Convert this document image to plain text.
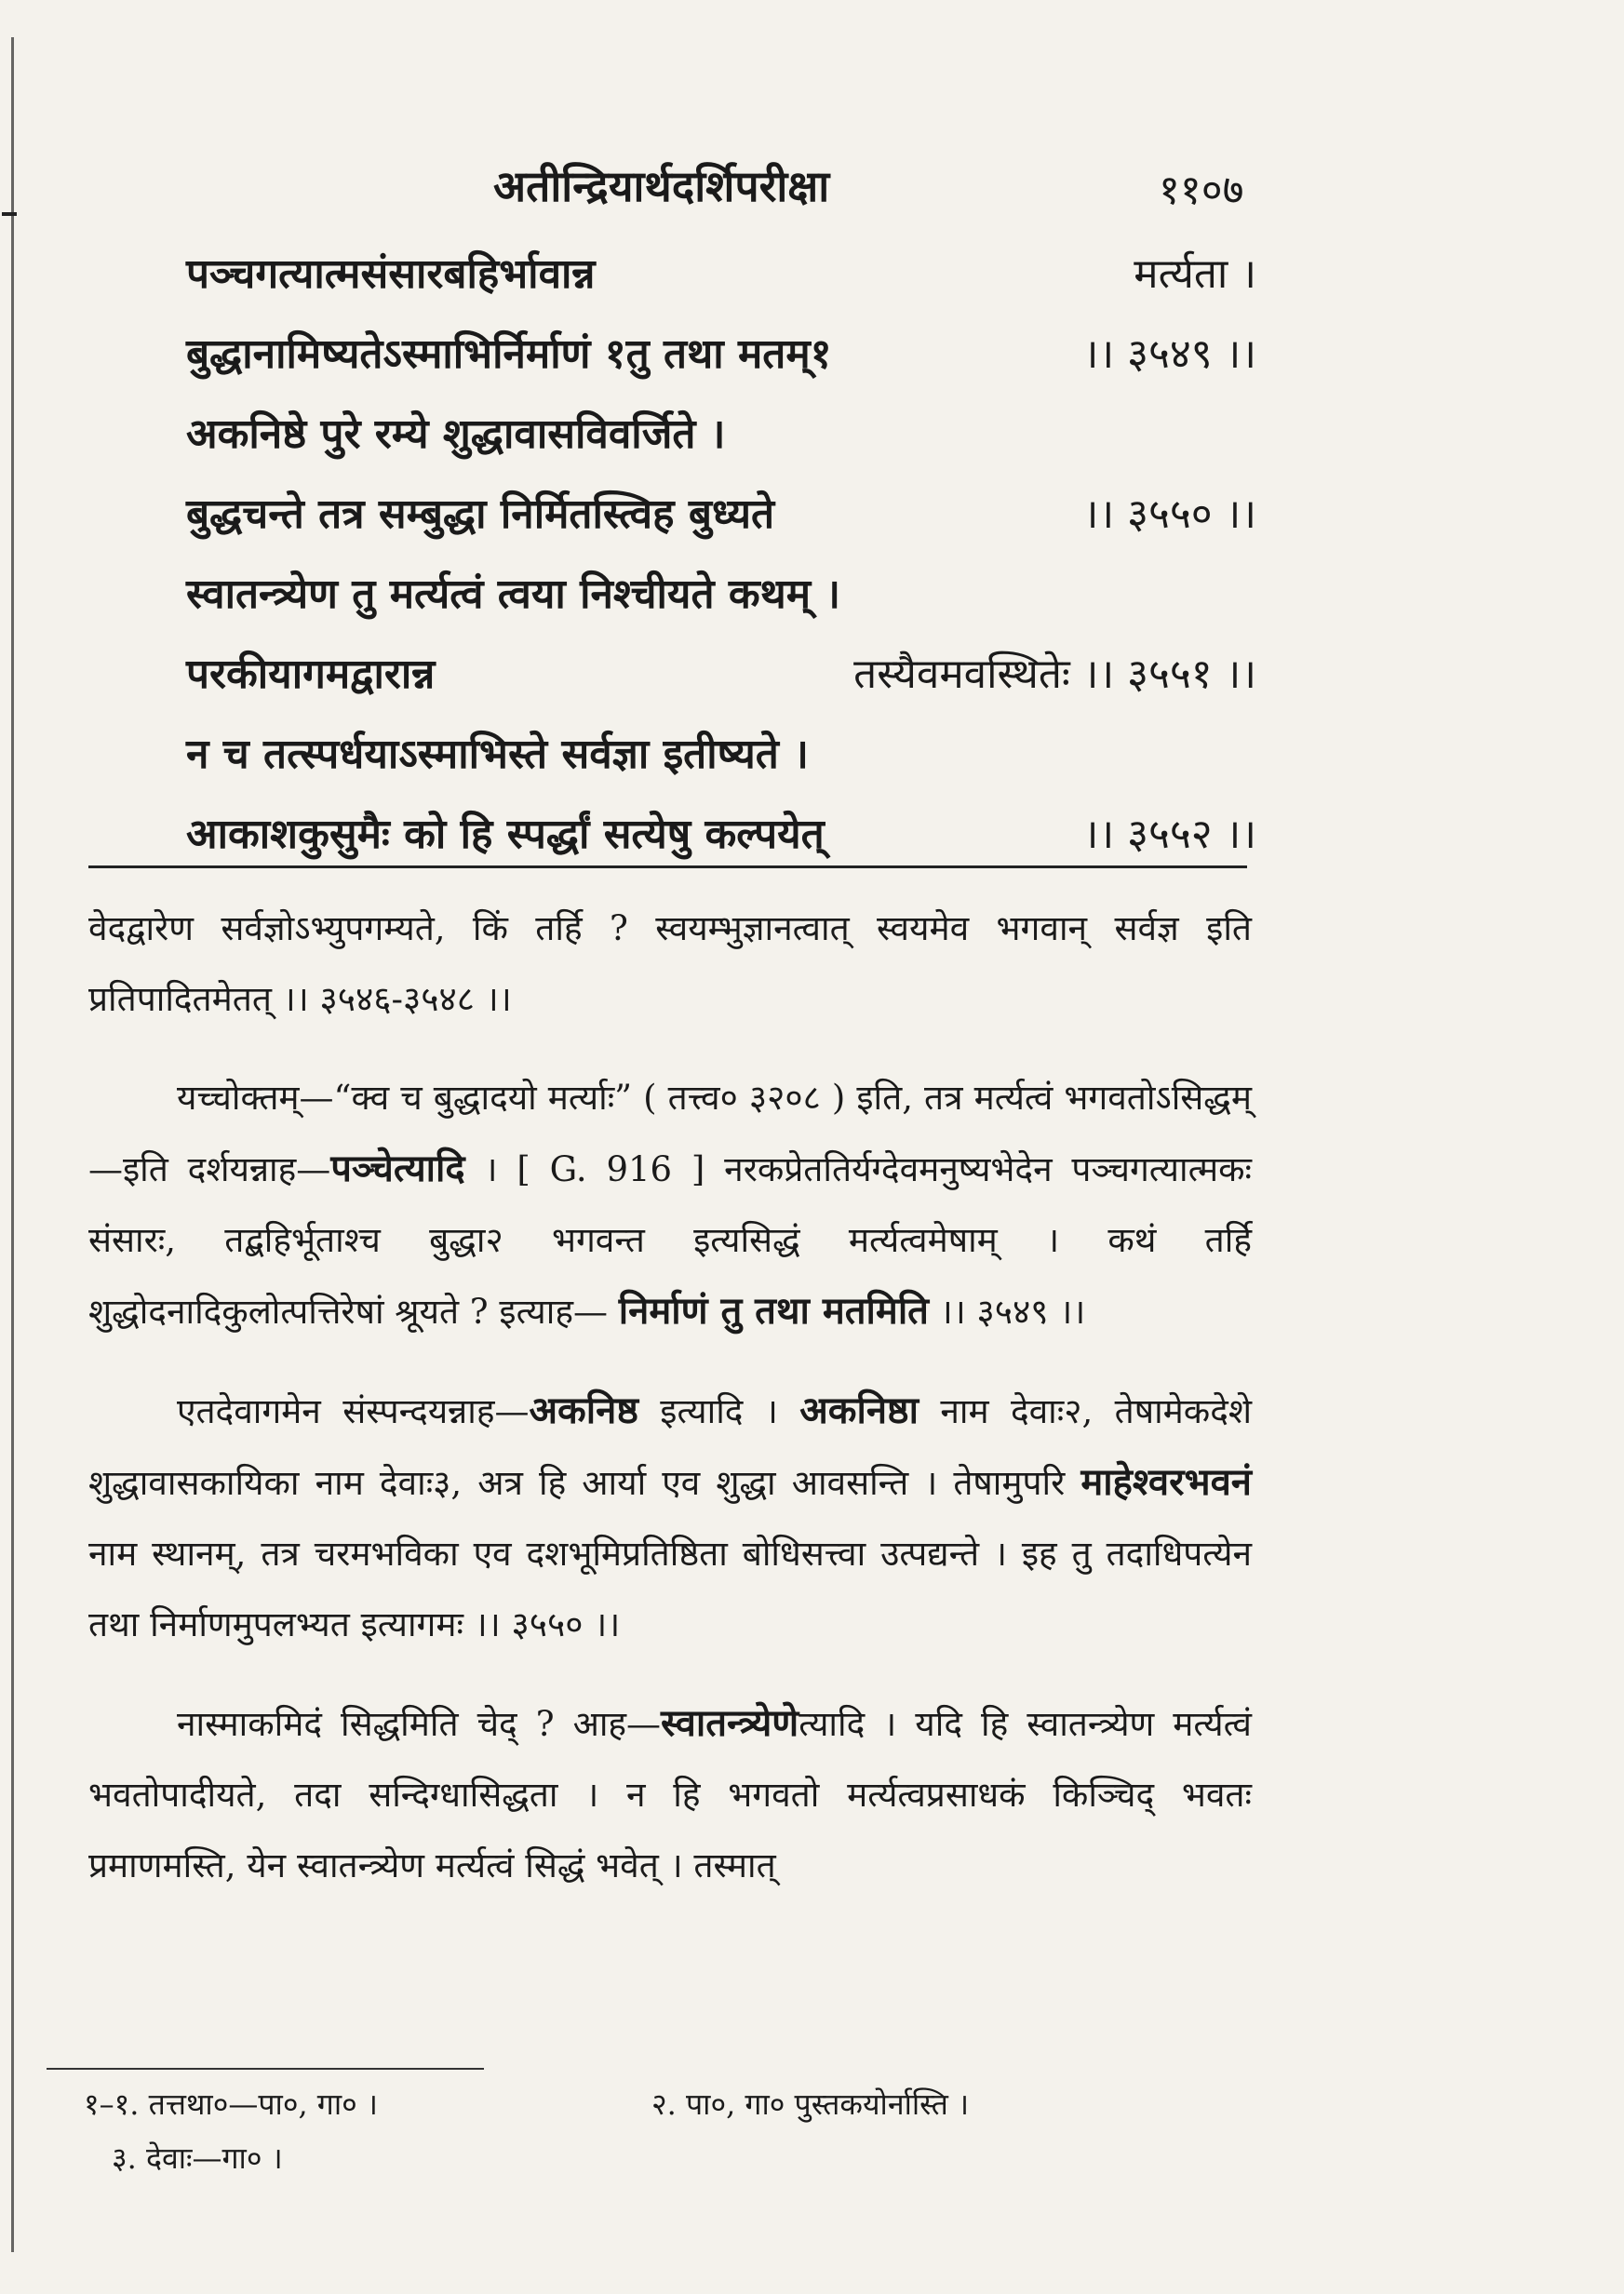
अतीन्द्रियार्थदर्शिपरीक्षा	११०७
पञ्चगत्यात्मसंसारबहिर्भावान्न	मर्त्यता ।
बुद्धानामिष्यतेऽस्माभिर्निर्माणं १तु तथा मतम्१	।। ३५४९ ।।
अकनिष्ठे पुरे रम्ये शुद्धावासविवर्जिते ।
बुद्धचन्ते तत्र सम्बुद्धा निर्मितस्त्विह बुध्यते	।। ३५५० ।।
स्वातन्त्र्येण तु मर्त्यत्वं त्वया निश्चीयते कथम् ।
परकीयागमद्वारान्न	तस्यैवमवस्थितेः ।। ३५५१ ।।
न च तत्स्पर्धयाऽस्माभिस्ते सर्वज्ञा इतीष्यते ।
आकाशकुसुमैः को हि स्पर्द्धां सत्येषु कल्पयेत्	।। ३५५२ ।।

वेदद्वारेण सर्वज्ञोऽभ्युपगम्यते, किं तर्हि ? स्वयम्भुज्ञानत्वात् स्वयमेव भगवान् सर्वज्ञ इति प्रतिपादितमेतत् ।। ३५४६-३५४८ ।।

यच्चोक्तम्—“क्व च बुद्धादयो मर्त्याः” ( तत्त्व० ३२०८ ) इति, तत्र मर्त्यत्वं भगवतोऽसिद्धम्—इति दर्शयन्नाह—पञ्चेत्यादि । [ G. 916 ] नरकप्रेततिर्यग्देवमनुष्यभेदेन पञ्चगत्यात्मकः संसारः, तद्बहिर्भूताश्च बुद्धा२ भगवन्त इत्यसिद्धं मर्त्यत्वमेषाम् । कथं तर्हि शुद्धोदनादिकुलोत्पत्तिरेषां श्रूयते ? इत्याह— निर्माणं तु तथा मतमिति ।। ३५४९ ।।

एतदेवागमेन संस्पन्दयन्नाह—अकनिष्ठ इत्यादि । अकनिष्ठा नाम देवाः२, तेषामेकदेशे शुद्धावासकायिका नाम देवाः३, अत्र हि आर्या एव शुद्धा आवसन्ति । तेषामुपरि माहेश्वरभवनं नाम स्थानम्, तत्र चरमभविका एव दशभूमिप्रतिष्ठिता बोधिसत्त्वा उत्पद्यन्ते । इह तु तदाधिपत्येन तथा निर्माणमुपलभ्यत इत्यागमः ।। ३५५० ।।

नास्माकमिदं सिद्धमिति चेद् ? आह—स्वातन्त्र्येणेत्यादि । यदि हि स्वातन्त्र्येण मर्त्यत्वं भवतोपादीयते, तदा सन्दिग्धासिद्धता । न हि भगवतो मर्त्यत्वप्रसाधकं किञ्चिद् भवतः प्रमाणमस्ति, येन स्वातन्त्र्येण मर्त्यत्वं सिद्धं भवेत् । तस्मात्

१–१. तत्तथा०—पा०, गा० ।	२. पा०, गा० पुस्तकयोर्नास्ति ।
३. देवाः—गा० ।
